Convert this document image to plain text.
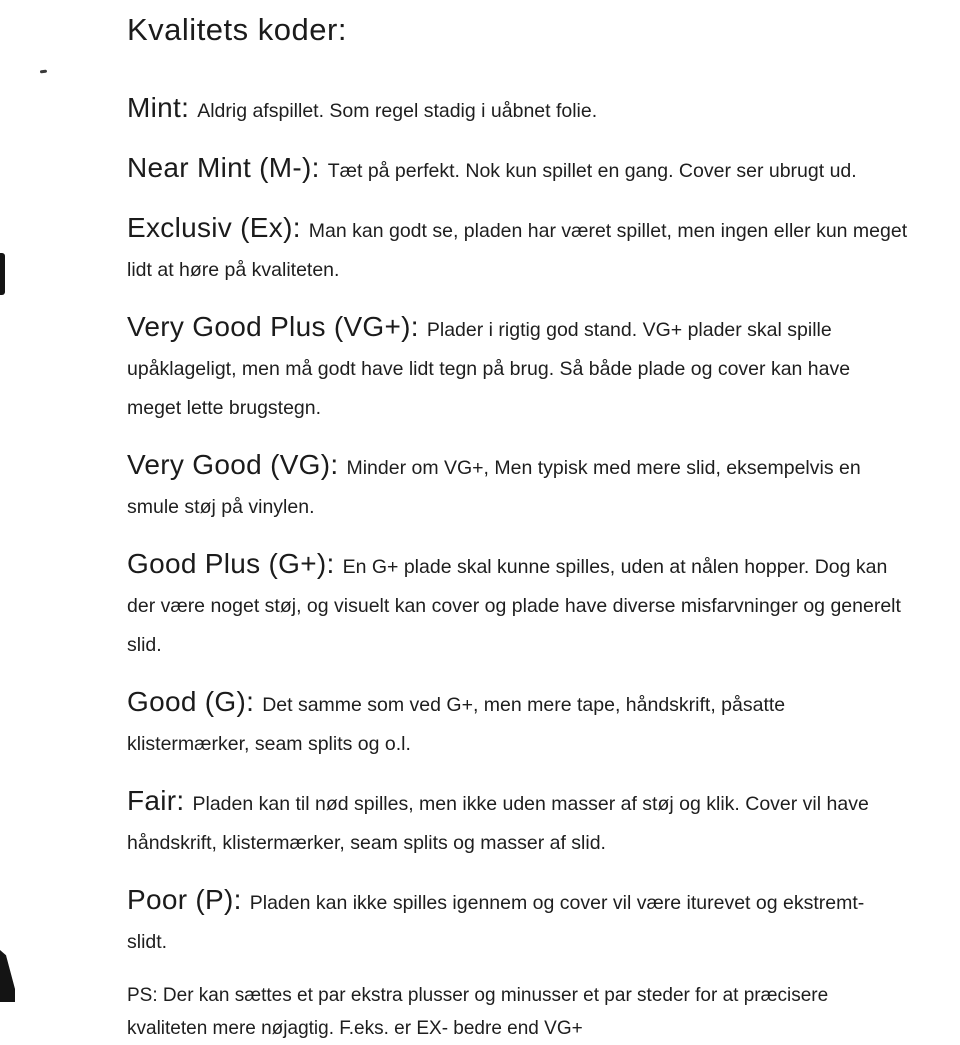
Kvalitets koder:

Mint: Aldrig afspillet. Som regel stadig i uåbnet folie.

Near Mint (M-): Tæt på perfekt. Nok kun spillet en gang. Cover ser ubrugt ud.

Exclusiv (Ex): Man kan godt se, pladen har været spillet, men ingen eller kun meget lidt at høre på kvaliteten.

Very Good Plus (VG+): Plader i rigtig god stand. VG+ plader skal spille upåklageligt, men må godt have lidt tegn på brug. Så både plade og cover kan have meget lette brugstegn.

Very Good (VG): Minder om VG+, Men typisk med mere slid, eksempelvis en smule støj på vinylen.

Good Plus (G+): En G+ plade skal kunne spilles, uden at nålen hopper. Dog kan der være noget støj, og visuelt kan cover og plade have diverse misfarvninger og generelt slid.

Good (G): Det samme som ved G+, men mere tape, håndskrift, påsatte klistermærker, seam splits og o.l.

Fair: Pladen kan til nød spilles, men ikke uden masser af støj og klik. Cover vil have håndskrift, klistermærker, seam splits og masser af slid.

Poor (P): Pladen kan ikke spilles igennem og cover vil være iturevet og ekstremt- slidt.

PS: Der kan sættes et par ekstra plusser og minusser et par steder for at præcisere kvaliteten mere nøjagtig. F.eks. er EX- bedre end VG+
